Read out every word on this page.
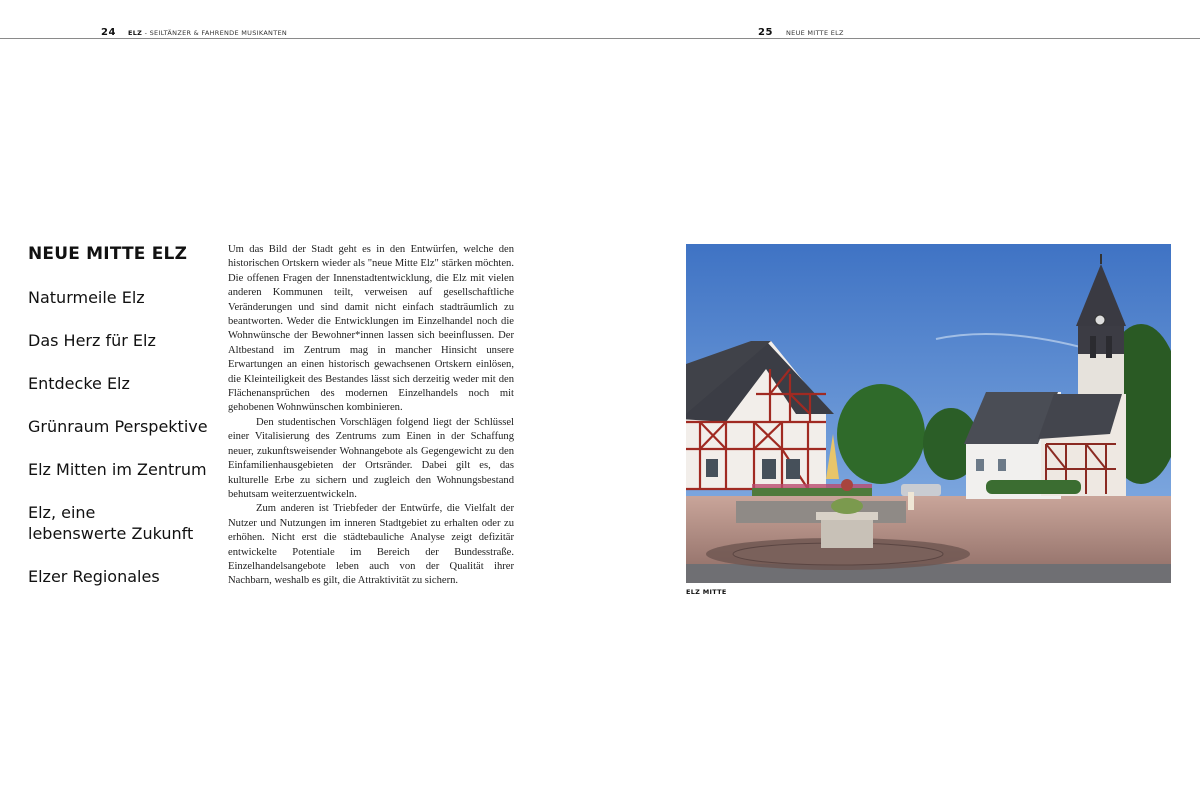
24 ELZ - SEILTÄNZER & FAHRENDE MUSIKANTEN	25 NEUE MITTE ELZ
NEUE MITTE ELZ
Naturmeile Elz
Das Herz für Elz
Entdecke Elz
Grünraum Perspektive
Elz Mitten im Zentrum
Elz, eine lebenswerte Zukunft
Elzer Regionales

Um das Bild der Stadt geht es in den Entwürfen, welche den historischen Ortskern wieder als "neue Mitte Elz" stärken möchten. Die offenen Fragen der Innenstadtentwicklung, die Elz mit vielen anderen Kommunen teilt, verweisen auf gesellschaftliche Veränderungen und sind damit nicht einfach stadträumlich zu beantworten. Weder die Entwicklungen im Einzelhandel noch die Wohnwünsche der Bewohner*innen lassen sich beeinflussen. Der Altbestand im Zentrum mag in mancher Hinsicht unsere Erwartungen an einen historisch gewachsenen Ortskern einlösen, die Kleinteiligkeit des Bestandes lässt sich derzeitig weder mit den Flächenansprüchen des modernen Einzelhandels noch mit gehobenen Wohnwünschen kombinieren.

Den studentischen Vorschlägen folgend liegt der Schlüssel einer Vitalisierung des Zentrums zum Einen in der Schaffung neuer, zukunftsweisender Wohnangebote als Gegengewicht zu den Einfamilienhausgebieten der Ortsränder. Dabei gilt es, das kulturelle Erbe zu sichern und zugleich den Wohnungsbestand behutsam weiterzuentwickeln.

Zum anderen ist Triebfeder der Entwürfe, die Vielfalt der Nutzer und Nutzungen im inneren Stadtgebiet zu erhalten oder zu erhöhen. Nicht erst die städtebauliche Analyse zeigt defizitär entwickelte Potentiale im Bereich der Bundesstraße. Einzelhandelsangebote leben auch von der Qualität ihrer Nachbarn, weshalb es gilt, die Attraktivität zu sichern.

ELZ MITTE
